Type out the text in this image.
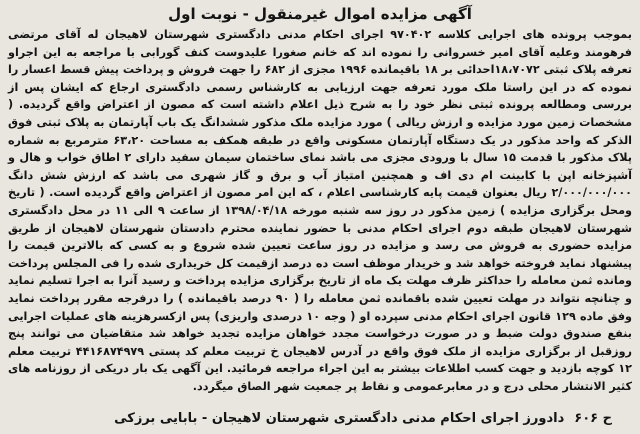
آگهی مزایده اموال غیرمنقول - نوبت اول

بموجب پرونده های اجرایی کلاسه ۹۷۰۴۰۲ اجرای احکام مدنی دادگستری شهرستان لاهیجان له آقای مرتضی فرهومند وعلیه آقای امیر خسروانی را نموده اند که خانم صغورا علیدوست کنف گورابی با مراجعه به این اجراو تعرفه پلاک ثبتی ۱۸،۷۰۷۲احدائی بر ۱۸ باقیمانده ۱۹۹۶ مجزی از ۶۸۲ را جهت فروش و پرداخت پیش قسط اعسار را نموده که در این راستا ملک مورد تعرفه جهت ارزیابی به کارشناس رسمی دادگستری ارجاع که ایشان پس از بررسی ومطالعه پرونده ثبتی نظر خود را به شرح ذیل اعلام داشته است که مصون از اعتراض واقع گردیده. ( مشخصات زمین مورد مزایده و ارزش ریالی ) مورد مزایده ملک مذکور ششدانگ یک باب آپارتمان به پلاک ثبتی فوق الذکر که واحد مذکور در یک دستگاه آپارتمان مسکونی واقع در طبقه همکف به مساحت ۶۳،۲۰ مترمربع به شماره پلاک مذکور با قدمت ۱۵ سال با ورودی مجزی می باشد نمای ساختمان سیمان سفید دارای ۲ اطاق خواب و هال و آشپزخانه اپن با کابینت ام دی اف و همچنین امتیاز آب و برق و گاز شهری می باشد که ارزش شش دانگ ۲/۰۰۰/۰۰۰/۰۰۰ ریال بعنوان قیمت پایه کارشناسی اعلام ، که این امر مصون از اعتراض واقع گردیده است. ( تاریخ ومحل برگزاری مزایده ) زمین مذکور در روز سه شنبه مورخه ۱۳۹۸/۰۴/۱۸ از ساعت ۹ الی ۱۱ در محل دادگستری شهرستان لاهیجان طبقه دوم اجرای احکام مدنی با حضور نماینده محترم دادستان شهرستان لاهیجان از طریق مزایده حضوری به فروش می رسد و مزایده در روز ساعت تعیین شده شروع و به کسی که بالاترین قیمت را پیشنهاد نماید فروخته خواهد شد و خریدار موظف است ده درصد ازقیمت کل خریداری شده را فی المجلس پرداخت ومانده ثمن معامله را حداکثر ظرف مهلت یک ماه از تاریخ برگزاری مزایده پرداخت و رسید آنرا به اجرا تسلیم نماید و چنانچه نتواند در مهلت تعیین شده باقمانده ثمن معامله را ( ۹۰ درصد باقیمانده ) را درفرجه مقرر پرداخت نماید وفق ماده ۱۲۹ قانون اجرای احکام مدنی سپرده او ( وجه ۱۰ درصدی واریزی) پس ازکسرهزینه های عملیات اجرایی بنفع صندوق دولت ضبط و در صورت درخواست مجدد خواهان مزایده تجدید خواهد شد متقاضیان می توانند پنج روزقبل از برگزاری مزایده از ملک فوق واقع در آدرس لاهیجان خ تربیت معلم کد پستی ۴۴۱۶۸۷۴۹۷۹ تربیت معلم ۱۲ کوچه بازدید و جهت کسب اطلاعات بیشتر به این اجراء مراجعه فرمائید. این آگهی یک بار دریکی از روزنامه های کثیر الانتشار محلی درج و در معابرعمومی و نقاط پر جمعیت شهر الصاق میگردد.

ح ۶۰۶
دادورز اجرای احکام مدنی دادگستری شهرستان لاهیجان - بابایی برزکی
